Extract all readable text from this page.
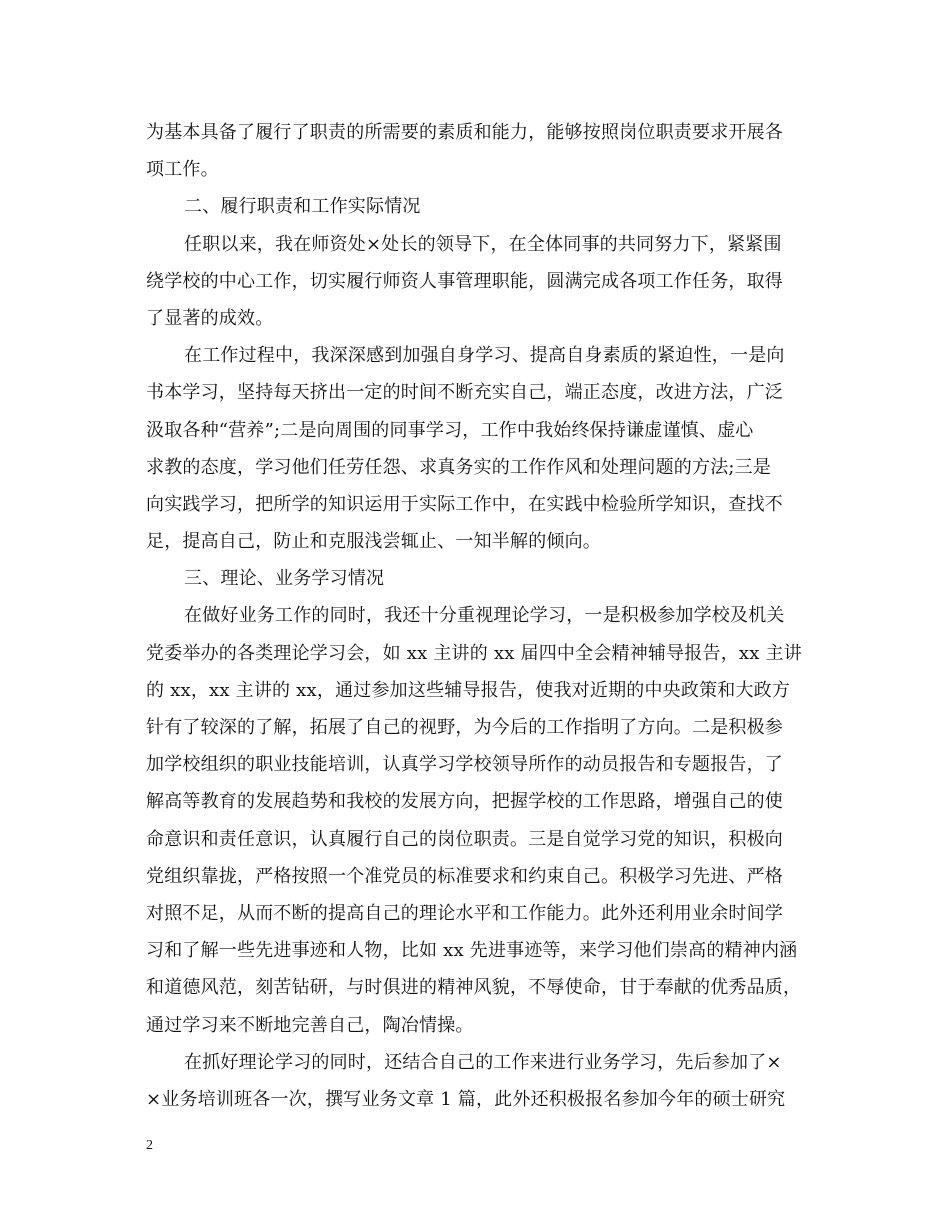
为基本具备了履行了职责的所需要的素质和能力，能够按照岗位职责要求开展各
项工作。
二、履行职责和工作实际情况
任职以来，我在师资处×处长的领导下，在全体同事的共同努力下，紧紧围
绕学校的中心工作，切实履行师资人事管理职能，圆满完成各项工作任务，取得
了显著的成效。
在工作过程中，我深深感到加强自身学习、提高自身素质的紧迫性，一是向
书本学习，坚持每天挤出一定的时间不断充实自己，端正态度，改进方法，广泛
汲取各种“营养”;二是向周围的同事学习，工作中我始终保持谦虚谨慎、虚心
求教的态度，学习他们任劳任怨、求真务实的工作作风和处理问题的方法;三是
向实践学习，把所学的知识运用于实际工作中，在实践中检验所学知识，查找不
足，提高自己，防止和克服浅尝辄止、一知半解的倾向。
三、理论、业务学习情况
在做好业务工作的同时，我还十分重视理论学习，一是积极参加学校及机关
党委举办的各类理论学习会，如 xx 主讲的 xx 届四中全会精神辅导报告，xx 主讲
的 xx，xx 主讲的 xx，通过参加这些辅导报告，使我对近期的中央政策和大政方
针有了较深的了解，拓展了自己的视野，为今后的工作指明了方向。二是积极参
加学校组织的职业技能培训，认真学习学校领导所作的动员报告和专题报告，了
解高等教育的发展趋势和我校的发展方向，把握学校的工作思路，增强自己的使
命意识和责任意识，认真履行自己的岗位职责。三是自觉学习党的知识，积极向
党组织靠拢，严格按照一个准党员的标准要求和约束自己。积极学习先进、严格
对照不足，从而不断的提高自己的理论水平和工作能力。此外还利用业余时间学
习和了解一些先进事迹和人物，比如 xx 先进事迹等，来学习他们崇高的精神内涵
和道德风范，刻苦钻研，与时俱进的精神风貌，不辱使命，甘于奉献的优秀品质，
通过学习来不断地完善自己，陶冶情操。
在抓好理论学习的同时，还结合自己的工作来进行业务学习，先后参加了×
×业务培训班各一次，撰写业务文章 1 篇，此外还积极报名参加今年的硕士研究
2
